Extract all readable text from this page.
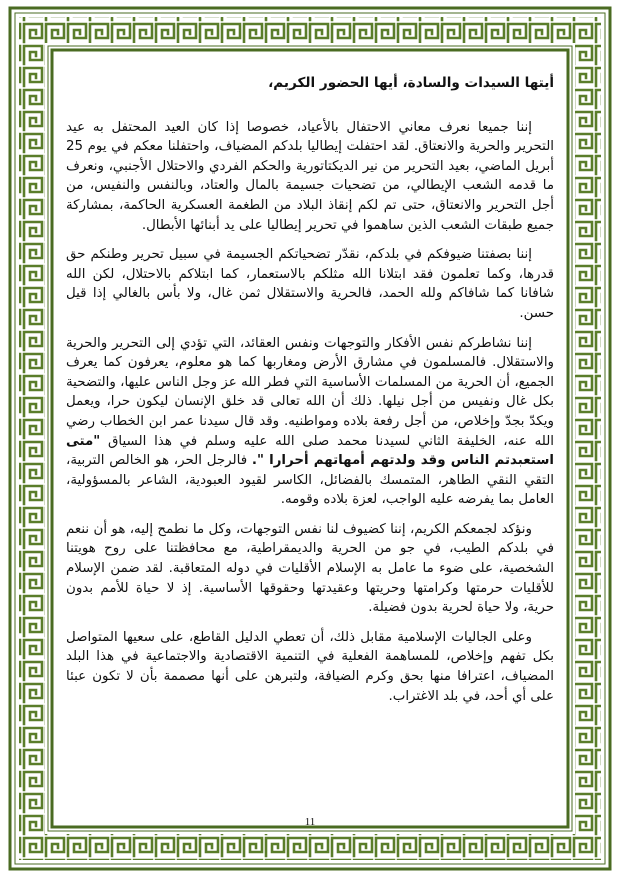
أيتها السيدات والسادة، أيها الحضور الكريم،

إننا جميعا نعرف معاني الاحتفال بالأعياد، خصوصا إذا كان العيد المحتفل به عيد التحرير والحرية والانعتاق. لقد احتفلت إيطاليا بلدكم المضياف، واحتفلنا معكم في يوم 25 أبريل الماضي، بعيد التحرير من نير الديكتاتورية والحكم الفردي والاحتلال الأجنبي، ونعرف ما قدمه الشعب الإيطالي، من تضحيات جسيمة بالمال والعتاد، وبالنفس والنفيس، من أجل التحرير والانعتاق، حتى تم لكم إنقاذ البلاد من الطغمة العسكرية الحاكمة، بمشاركة جميع طبقات الشعب الذين ساهموا في تحرير إيطاليا على يد أبنائها الأبطال.

إننا بصفتنا ضيوفكم في بلدكم، نقدّر تضحياتكم الجسيمة في سبيل تحرير وطنكم حق قدرها، وكما تعلمون فقد ابتلانا الله مثلكم بالاستعمار، كما ابتلاكم بالاحتلال، لكن الله شافانا كما شافاكم ولله الحمد، فالحرية والاستقلال ثمن غال، ولا بأس بالغالي إذا قيل حسن.

إننا نشاطركم نفس الأفكار والتوجهات ونفس العقائد، التي تؤدي إلى التحرير والحرية والاستقلال. فالمسلمون في مشارق الأرض ومغاربها كما هو معلوم، يعرفون كما يعرف الجميع، أن الحرية من المسلمات الأساسية التي فطر الله عز وجل الناس عليها، والتضحية بكل غال ونفيس من أجل نيلها. ذلك أن الله تعالى قد خلق الإنسان ليكون حرا، ويعمل ويكدّ بجدّ وإخلاص، من أجل رفعة بلاده ومواطنيه. وقد قال سيدنا عمر ابن الخطاب رضي الله عنه، الخليفة الثاني لسيدنا محمد صلى الله عليه وسلم في هذا السياق "متى استعبدتم الناس وقد ولدتهم أمهاتهم أحرارا ". فالرجل الحر، هو الخالص التربية، التقي النقي الطاهر، المتمسك بالفضائل، الكاسر لقيود العبودية، الشاعر بالمسؤولية، العامل بما يفرضه عليه الواجب، لعزة بلاده وقومه.

ونؤكد لجمعكم الكريم، إننا كضيوف لنا نفس التوجهات، وكل ما نطمح إليه، هو أن ننعم في بلدكم الطيب، في جو من الحرية والديمقراطية، مع محافظتنا على روح هويتنا الشخصية، على ضوء ما عامل به الإسلام الأقليات في دوله المتعاقبة. لقد ضمن الإسلام للأقليات حرمتها وكرامتها وحريتها وعقيدتها وحقوقها الأساسية. إذ لا حياة للأمم بدون حرية، ولا حياة لحرية بدون فضيلة.

وعلى الجاليات الإسلامية مقابل ذلك، أن تعطي الدليل القاطع، على سعيها المتواصل بكل تفهم وإخلاص، للمساهمة الفعلية في التنمية الاقتصادية والاجتماعية في هذا البلد المضياف، اعترافا منها بحق وكرم الضيافة، ولتبرهن على أنها مصممة بأن لا تكون عبئا على أي أحد، في بلد الاغتراب.

11
